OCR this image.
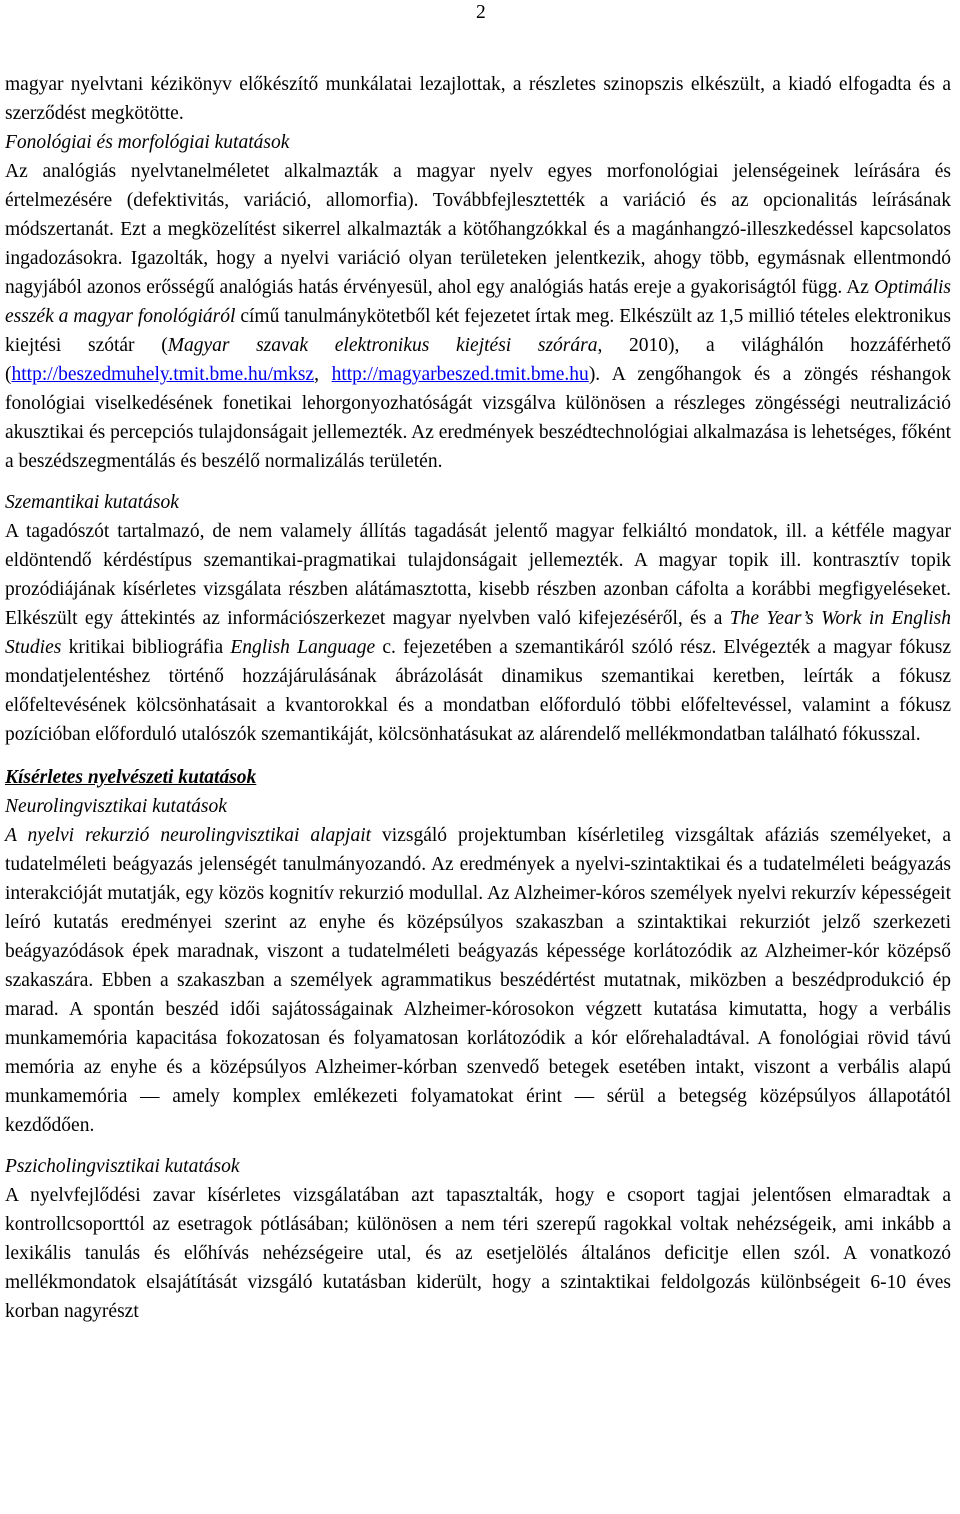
2

magyar nyelvtani kézikönyv előkészítő munkálatai lezajlottak, a részletes szinopszis elkészült, a kiadó elfogadta és a szerződést megkötötte.

Fonológiai és morfológiai kutatások

Az analógiás nyelvtanelméletet alkalmazták a magyar nyelv egyes morfonológiai jelenségeinek leírására és értelmezésére (defektivitás, variáció, allomorfia). Továbbfejlesztették a variáció és az opcionalitás leírásának módszertanát. Ezt a megközelítést sikerrel alkalmazták a kötőhangzókkal és a magánhangzó-illeszkedéssel kapcsolatos ingadozásokra. Igazolták, hogy a nyelvi variáció olyan területeken jelentkezik, ahogy több, egymásnak ellentmondó nagyjából azonos erősségű analógiás hatás érvényesül, ahol egy analógiás hatás ereje a gyakoriságtól függ. Az Optimális esszék a magyar fonológiáról című tanulmánykötetből két fejezetet írtak meg. Elkészült az 1,5 millió tételes elektronikus kiejtési szótár (Magyar szavak elektronikus kiejtési szórára, 2010), a világhálón hozzáférhető (http://beszedmuhely.tmit.bme.hu/mksz, http://magyarbeszed.tmit.bme.hu). A zengőhangok és a zöngés réshangok fonológiai viselkedésének fonetikai lehorgonyozhatóságát vizsgálva különösen a részleges zöngésségi neutralizáció akusztikai és percepciós tulajdonságait jellemezték. Az eredmények beszédtechnológiai alkalmazása is lehetséges, főként a beszédszegmentálás és beszélő normalizálás területén.

Szemantikai kutatások

A tagadószót tartalmazó, de nem valamely állítás tagadását jelentő magyar felkiáltó mondatok, ill. a kétféle magyar eldöntendő kérdéstípus szemantikai-pragmatikai tulajdonságait jellemezték. A magyar topik ill. kontrasztív topik prozódiájának kísérletes vizsgálata részben alátámasztotta, kisebb részben azonban cáfolta a korábbi megfigyeléseket. Elkészült egy áttekintés az információszerkezet magyar nyelvben való kifejezéséről, és a The Year’s Work in English Studies kritikai bibliográfia English Language c. fejezetében a szemantikáról szóló rész. Elvégezték a magyar fókusz mondatjelentéshez történő hozzájárulásának ábrázolását dinamikus szemantikai keretben, leírták a fókusz előfeltevésének kölcsönhatásait a kvantorokkal és a mondatban előforduló többi előfeltevéssel, valamint a fókusz pozícióban előforduló utalószók szemantikáját, kölcsönhatásukat az alárendelő mellékmondatban található fókusszal.

Kísérletes nyelvészeti kutatások

Neurolingvisztikai kutatások

A nyelvi rekurzió neurolingvisztikai alapjait vizsgáló projektumban kísérletileg vizsgáltak afáziás személyeket, a tudatelméleti beágyazás jelenségét tanulmányozandó. Az eredmények a nyelvi-szintaktikai és a tudatelméleti beágyazás interakcióját mutatják, egy közös kognitív rekurzió modullal. Az Alzheimer-kóros személyek nyelvi rekurzív képességeit leíró kutatás eredményei szerint az enyhe és középsúlyos szakaszban a szintaktikai rekurziót jelző szerkezeti beágyazódások épek maradnak, viszont a tudatelméleti beágyazás képessége korlátozódik az Alzheimer-kór középső szakaszára. Ebben a szakaszban a személyek agrammatikus beszédértést mutatnak, miközben a beszédprodukció ép marad. A spontán beszéd idői sajátosságainak Alzheimer-kórosokon végzett kutatása kimutatta, hogy a verbális munkamemória kapacitása fokozatosan és folyamatosan korlátozódik a kór előrehaladtával. A fonológiai rövid távú memória az enyhe és a középsúlyos Alzheimer-kórban szenvedő betegek esetében intakt, viszont a verbális alapú munkamemória — amely komplex emlékezeti folyamatokat érint — sérül a betegség középsúlyos állapotától kezdődően.

Pszicholingvisztikai kutatások

A nyelvfejlődési zavar kísérletes vizsgálatában azt tapasztalták, hogy e csoport tagjai jelentősen elmaradtak a kontrollcsoporttól az esetragok pótlásában; különösen a nem téri szerepű ragokkal voltak nehézségeik, ami inkább a lexikális tanulás és előhívás nehézségeire utal, és az esetjelölés általános deficitje ellen szól. A vonatkozó mellékmondatok elsajátítását vizsgáló kutatásban kiderült, hogy a szintaktikai feldolgozás különbségeit 6-10 éves korban nagyrészt
